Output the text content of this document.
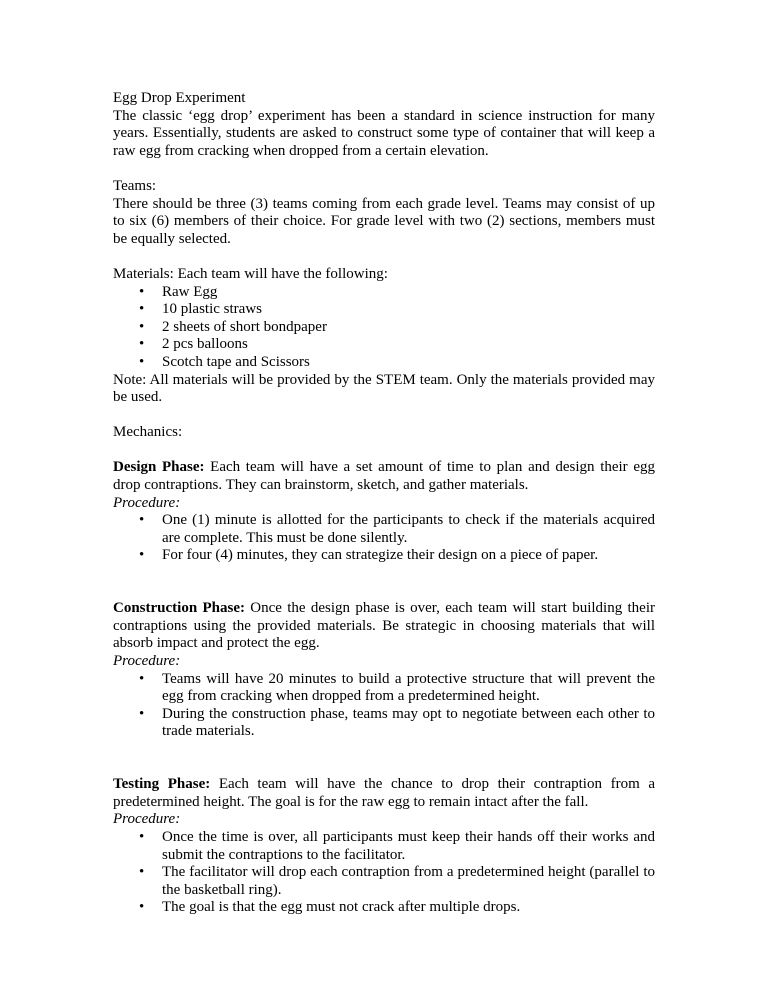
Egg Drop Experiment

The classic ‘egg drop’ experiment has been a standard in science instruction for many years. Essentially, students are asked to construct some type of container that will keep a raw egg from cracking when dropped from a certain elevation.

Teams:

There should be three (3) teams coming from each grade level. Teams may consist of up to six (6) members of their choice. For grade level with two (2) sections, members must be equally selected.

Materials: Each team will have the following:

• Raw Egg
• 10 plastic straws
• 2 sheets of short bondpaper
• 2 pcs balloons
• Scotch tape and Scissors

Note: All materials will be provided by the STEM team. Only the materials provided may be used.

Mechanics:

Design Phase: Each team will have a set amount of time to plan and design their egg drop contraptions. They can brainstorm, sketch, and gather materials.

Procedure:

• One (1) minute is allotted for the participants to check if the materials acquired are complete. This must be done silently.
• For four (4) minutes, they can strategize their design on a piece of paper.

Construction Phase: Once the design phase is over, each team will start building their contraptions using the provided materials. Be strategic in choosing materials that will absorb impact and protect the egg.

Procedure:

• Teams will have 20 minutes to build a protective structure that will prevent the egg from cracking when dropped from a predetermined height.
• During the construction phase, teams may opt to negotiate between each other to trade materials.

Testing Phase: Each team will have the chance to drop their contraption from a predetermined height. The goal is for the raw egg to remain intact after the fall.

Procedure:

• Once the time is over, all participants must keep their hands off their works and submit the contraptions to the facilitator.
• The facilitator will drop each contraption from a predetermined height (parallel to the basketball ring).
• The goal is that the egg must not crack after multiple drops.
